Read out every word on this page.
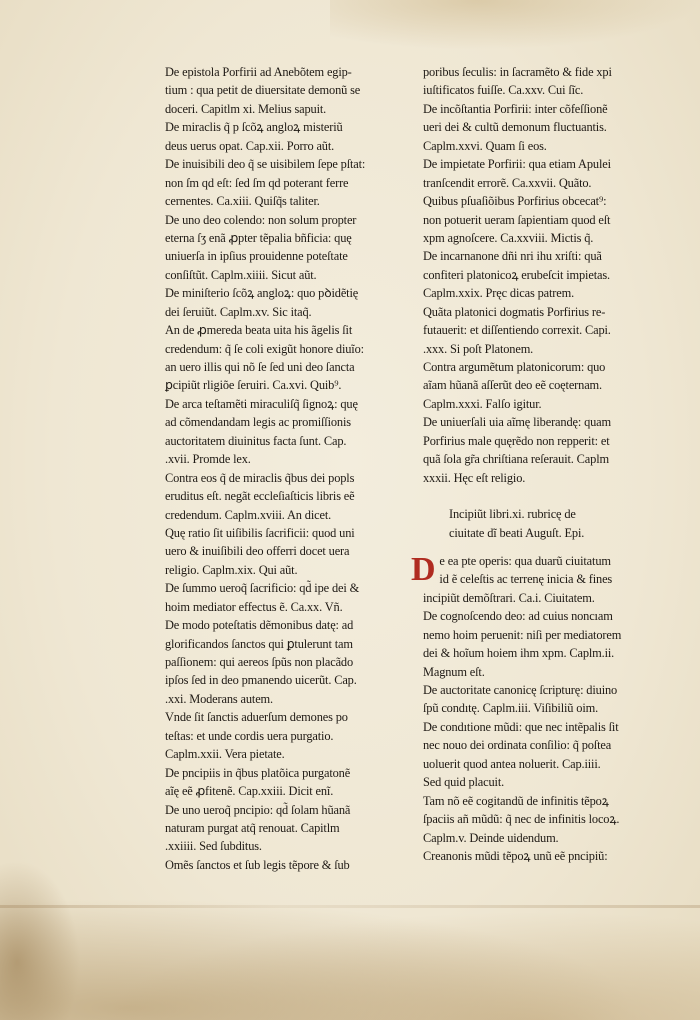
De epistola Porfirii ad Anebõtem egip-
tium : qua petit de diuersitate demonũ se
doceri. Capitlm xi. Melius sapuit.
De miraclis q̃ p ſcõꝝ angloꝝ misteriũ
deus uerus opat. Cap.xii. Porro aũt.
De inuisibili deo q̃ se uisibilem ſepe pſtat:
non ſm qd eſt: ſed ſm qd poterant ferre
cernentes. Ca.xiii. Quiſq̃s taliter.
De uno deo colendo: non solum propter
eterna ſʒ enã ꝓpter tẽpalia bñficia: quę
uniuerſa in ipſius prouidenne poteſtate
conſiſtũt. Caplm.xiiii. Sicut aũt.
De miniſterio ſcõꝝ angloꝝ: quo pꝺidẽtię
dei ſeruiũt. Caplm.xv. Sic itaq̃.
An de ꝓmereda beata uita his ãgelis ſit
credendum: q̃ ſe coli exigũt honore diuĩo:
an uero illis qui nõ ſe ſed uni deo ſancta
ꝑcipiũt rligiõe ſeruiri. Ca.xvi. Quib⁹.
De arca teſtamẽti miraculiſq̃ ſignoꝝ: quę
ad cõmendandam legis ac promiſſionis
auctoritatem diuinitus facta ſunt. Cap.
.xvii. Promde lex.
Contra eos q̃ de miraclis q̃bus dei popls
eruditus eſt. negãt eccleſiaſticis libris eẽ
credendum. Caplm.xviii. An dicet.
Quę ratio ſit uiſibilis ſacrificii: quod uni
uero & inuiſibili deo offerri docet uera
religio. Caplm.xix. Qui aũt.
De ſummo ueroq̃ ſacrificio: qd̃ ipe dei &
hoim mediator effectus ẽ. Ca.xx. Vñ.
De modo poteſtatis dẽmonibus datę: ad
glorificandos ſanctos qui ꝑtulerunt tam
paſſionem: qui aereos ſpũs non placãdo
ipſos ſed in deo pmanendo uicerũt. Cap.
.xxi. Moderans autem.
Vnde ſit ſanctis aduerſum demones po
teſtas: et unde cordis uera purgatio.
Caplm.xxii. Vera pietate.
De pncipiis in q̃bus platõica purgatonẽ
aĩę eẽ ꝓfitenẽ. Cap.xxiii. Dicit enĩ.
De uno ueroq̃ pncipio: qd̃ ſolam hũanã
naturam purgat atq̃ renouat. Capitlm
.xxiiii. Sed ſubditus.
Omẽs ſanctos et ſub legis tẽpore & ſub
poribus ſeculis: in ſacramẽto & fide xpi
iuſtificatos fuiſſe. Ca.xxv. Cui ſ̃ıc.
De incõſtantia Porfirii: inter cõfeſſionẽ
ueri dei & cultũ demonum fluctuantis.
Caplm.xxvi. Quam ſi eos.
De impietate Porfirii: qua etiam Apulei
tranſcendit errorẽ. Ca.xxvii. Quãto.
Quibus pſuaſiõibus Porfirius obcecat⁹:
non potuerit ueram ſapientiam quod eſt
xpm agnoſcere. Ca.xxviii. Mictis q̃.
De incarnanone dñi nri ihu xriſti: quã
confiteri platonicoꝝ erubeſcit impietas.
Caplm.xxix. Pręc dicas patrem.
Quãta platonici dogmatis Porfirius re-
futauerit: et diſſentiendo correxit. Capi.
.xxx. Si poſt Platonem.
Contra argumẽtum platonicorum: quo
aĩam hũanã aſſerũt deo eẽ coęternam.
Caplm.xxxi. Falſo igitur.
De uniuerſali uia aĩmę liberandę: quam
Porfirius male quęrẽdo non repperit: et
quã ſola gr̃a chriſtiana reſerauit. Caplm
xxxii. Hęc eſt religio.
Incipiũt libri.xi. rubricę de
ciuitate dĩ beati Auguſt. Epi.
D e ea pte operis: qua duarũ ciuitatum
id ẽ celeſtis ac terrenę inicia & fines
incipiũt demõſtrari. Ca.i. Ciuitatem.
De cognoſcendo deo: ad cuius noncıam
nemo hoim peruenit: niſi per mediatorem
dei & hoĩum hoiem ihm xpm. Caplm.ii.
Magnum eſt.
De auctoritate canonicę ſcripturę: diuino
ſpũ condıtę. Caplm.iii. Viſibiliũ oim.
De condıtione mũdi: que nec intẽpalis ſit
nec nouo dei ordinata conſilio: q̃ poſtea
uoluerit quod antea noluerit. Cap.iiii.
Sed quid placuit.
Tam nõ eẽ cogitandũ de infinitis tẽpoꝝ
ſpaciis añ mũdũ: q̃ nec de infinitis locoꝝ.
Caplm.v. Deinde uidendum.
Creanonis mũdi tẽpoꝝ unũ eẽ pncipiũ:
